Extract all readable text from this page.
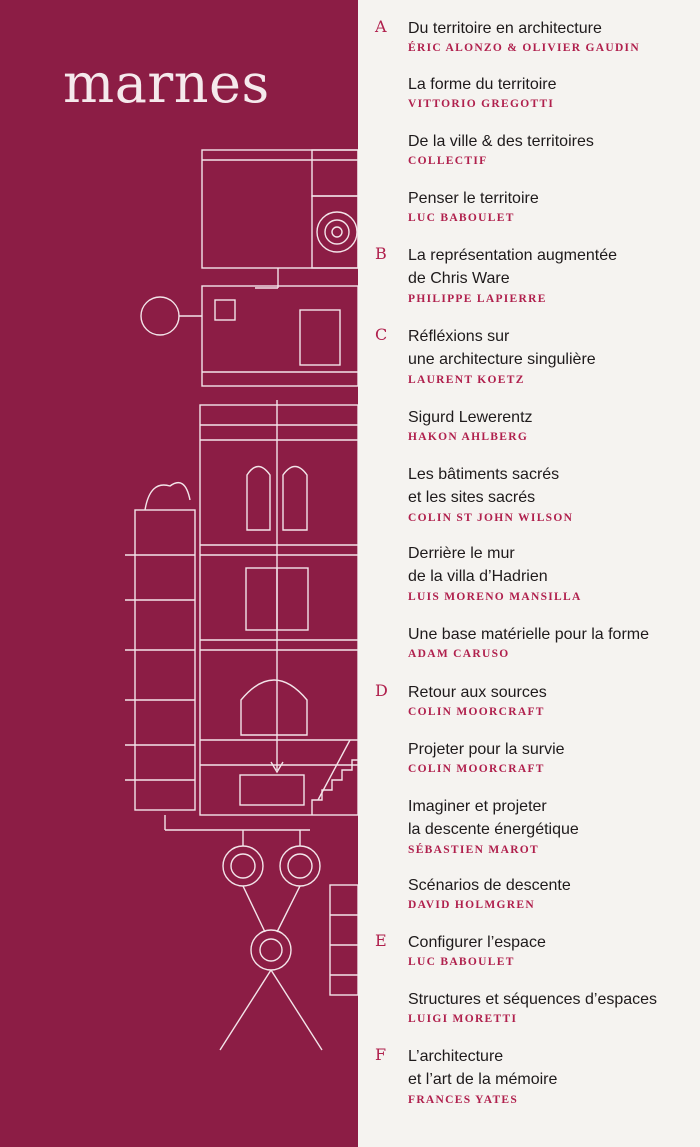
marnes
A Du territoire en architecture
ÉRIC ALONZO & OLIVIER GAUDIN
La forme du territoire
VITTORIO GREGOTTI
De la ville & des territoires
COLLECTIF
Penser le territoire
LUC BABOULET
B La représentation augmentée
de Chris Ware
PHILIPPE LAPIERRE
C Réfléxions sur
une architecture singulière
LAURENT KOETZ
Sigurd Lewerentz
HAKON AHLBERG
Les bâtiments sacrés
et les sites sacrés
COLIN ST JOHN WILSON
Derrière le mur
de la villa d’Hadrien
LUIS MORENO MANSILLA
Une base matérielle pour la forme
ADAM CARUSO
D Retour aux sources
COLIN MOORCRAFT
Projeter pour la survie
COLIN MOORCRAFT
Imaginer et projeter
la descente énergétique
SÉBASTIEN MAROT
Scénarios de descente
DAVID HOLMGREN
E Configurer l’espace
LUC BABOULET
Structures et séquences d’espaces
LUIGI MORETTI
F L’architecture
et l’art de la mémoire
FRANCES YATES
